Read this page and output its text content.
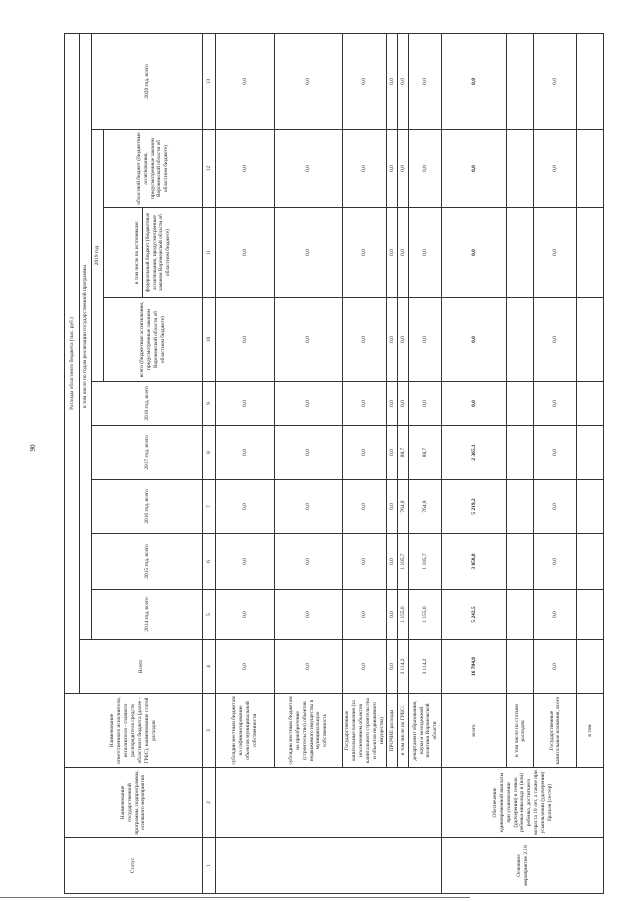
90
Статус	Наименование государственной программы, подпрограммы, основного мероприятия	Наименование ответственного исполнителя, исполнителя - главного распорядителя средств областного бюджета (далее - ГРБС), наименование статей расходов	Расходы областного бюджета (тыс. руб.)									
			Всего	в том числе по годам реализации государственной программы								
				2014 год, всего	2015 год, всего	2016 год, всего	2017 год, всего	2018 год, всего	2019 год			2020 год, всего
									всего (бюджетные ассигнования, предусмотренные законом Воронежской области об областном бюджете)	в том числе по источникам: федеральный бюджет (бюджетные ассигнования, предусмотренные законом Воронежской области об областном бюджете)	областной бюджет (бюджетные ассигнования, предусмотренные законом Воронежской области об областном бюджете)	
1	2	3	4	5	6	7	8	9	10	11	12	13
		субсидии местным бюджетам на софинансирование объектов муниципальной собственности	0,0	0,0	0,0	0,0	0,0	0,0	0,0	0,0	0,0	0,0
		субсидии местным бюджетам на приобретение (строительство) объектов недвижимого имущества в муниципальную собственность	0,0	0,0	0,0	0,0	0,0	0,0	0,0	0,0	0,0	0,0
		Государственные капитальные вложения (за исключением объектов капитального строительства и объектов недвижимого имущества)	0,0	0,0	0,0	0,0	0,0	0,0	0,0	0,0	0,0	0,0
		ПРОЧИЕ расходы	0,0	0,0	0,0	0,0	0,0	0,0	0,0	0,0	0,0	0,0
		в том числе по ГРБС:	3 114,2	1 155,0	1 105,7	764,8	88,7	0,0	0,0	0,0	0,0	0,0
		департамент образования, науки и молодежной политики Воронежской области	3 114,2	1 155,0	1 105,7	764,8	88,7	0,0	0,0	0,0	0,0	0,0
Основное мероприятие 2.18	Обеспечение единовременной выплаты при усыновлении (удочерении) в семью ребенка-инвалида и (или) ребенка, достигшего возраста 10 лет, а также при усыновлении (удочерении) братьев (сестер)	всего	16 704,8	5 242,5	3 858,0	5 219,2	2 365,1	0,0	0,0	0,0	0,0	0,0
		в том числе по статьям расходов:										
		Государственные капитальные вложения, всего	0,0	0,0	0,0	0,0	0,0	0,0	0,0	0,0	0,0	0,0
		в том										
